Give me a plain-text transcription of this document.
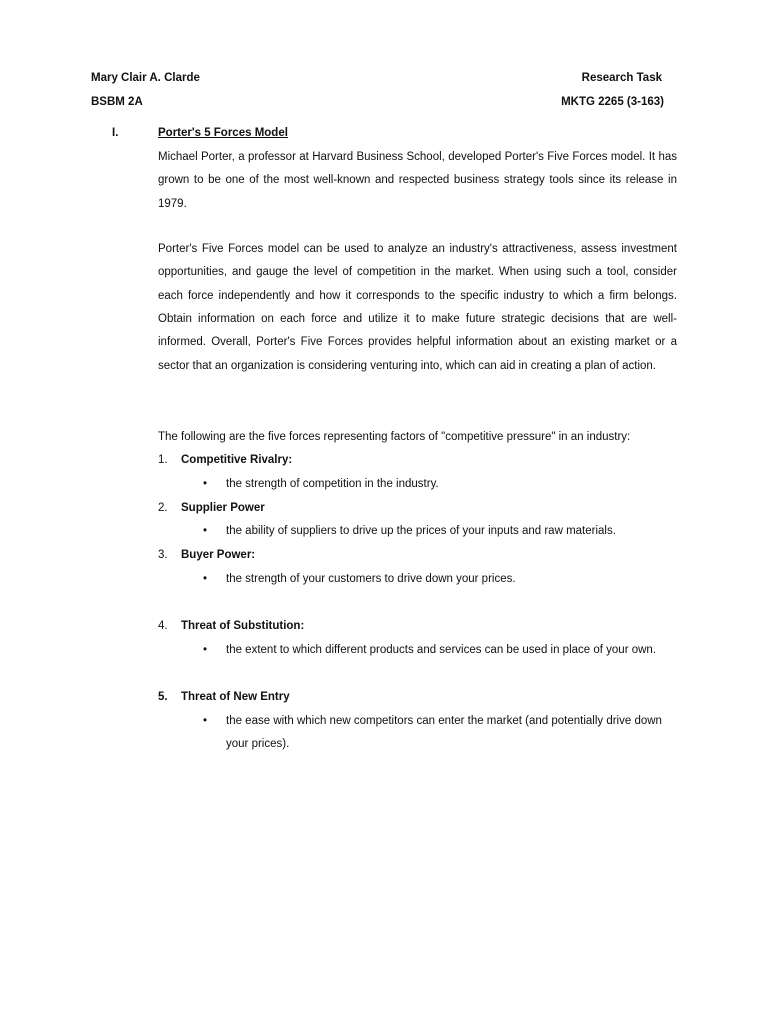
Mary Clair A. Clarde	Research Task
BSBM 2A	MKTG 2265 (3-163)
I.	Porter's 5 Forces Model

Michael Porter, a professor at Harvard Business School, developed Porter's Five Forces model. It has grown to be one of the most well-known and respected business strategy tools since its release in 1979.

Porter's Five Forces model can be used to analyze an industry's attractiveness, assess investment opportunities, and gauge the level of competition in the market. When using such a tool, consider each force independently and how it corresponds to the specific industry to which a firm belongs. Obtain information on each force and utilize it to make future strategic decisions that are well-informed. Overall, Porter's Five Forces provides helpful information about an existing market or a sector that an organization is considering venturing into, which can aid in creating a plan of action.

The following are the five forces representing factors of "competitive pressure" in an industry:
1. Competitive Rivalry:
• the strength of competition in the industry.

2. Supplier Power
• the ability of suppliers to drive up the prices of your inputs and raw materials.

3. Buyer Power:
• the strength of your customers to drive down your prices.

4. Threat of Substitution:
• the extent to which different products and services can be used in place of your own.

5. Threat of New Entry
• the ease with which new competitors can enter the market (and potentially drive down your prices).
